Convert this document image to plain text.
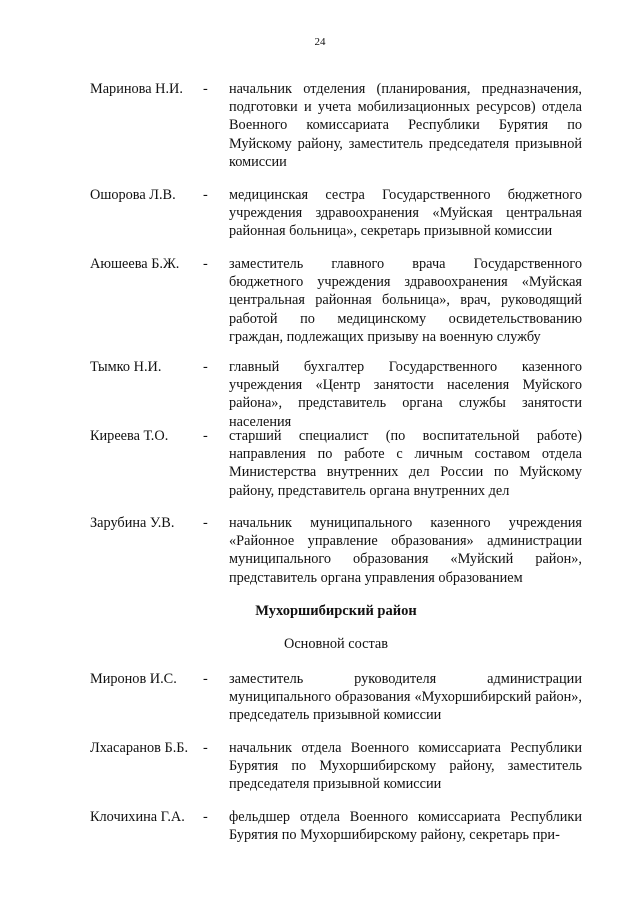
24
Маринова Н.И. - начальник отделения (планирования, предназначения, подготовки и учета мобилизационных ресурсов) отдела Военного комиссариата Республики Бурятия по Муйскому району, заместитель председателя призывной комиссии
Ошорова Л.В. - медицинская сестра Государственного бюджетного учреждения здравоохранения «Муйская центральная районная больница», секретарь призывной комиссии
Аюшеева Б.Ж. - заместитель главного врача Государственного бюджетного учреждения здравоохранения «Муйская центральная районная больница», врач, руководящий работой по медицинскому освидетельствованию граждан, подлежащих призыву на военную службу
Тымко Н.И.	- главный бухгалтер Государственного казенного учреждения «Центр занятости населения Муйского района», представитель органа службы занятости населения
Киреева Т.О. - старший специалист (по воспитательной работе) направления по работе с личным составом отдела Министерства внутренних дел России по Муйскому району, представитель органа внутренних дел
Зарубина У.В. - начальник муниципального казенного учреждения «Районное управление образования» администрации муниципального образования «Муйский район», представитель органа управления образованием
Мухоршибирский район
Основной состав
Миронов И.С. - заместитель руководителя администрации муниципального образования «Мухоршибирский район», председатель призывной комиссии
Лхасаранов Б.Б. - начальник отдела Военного комиссариата Республики Бурятия по Мухоршибирскому району, заместитель председателя призывной комиссии
Клочихина Г.А. - фельдшер отдела Военного комиссариата Республики Бурятия по Мухоршибирскому району, секретарь при-
